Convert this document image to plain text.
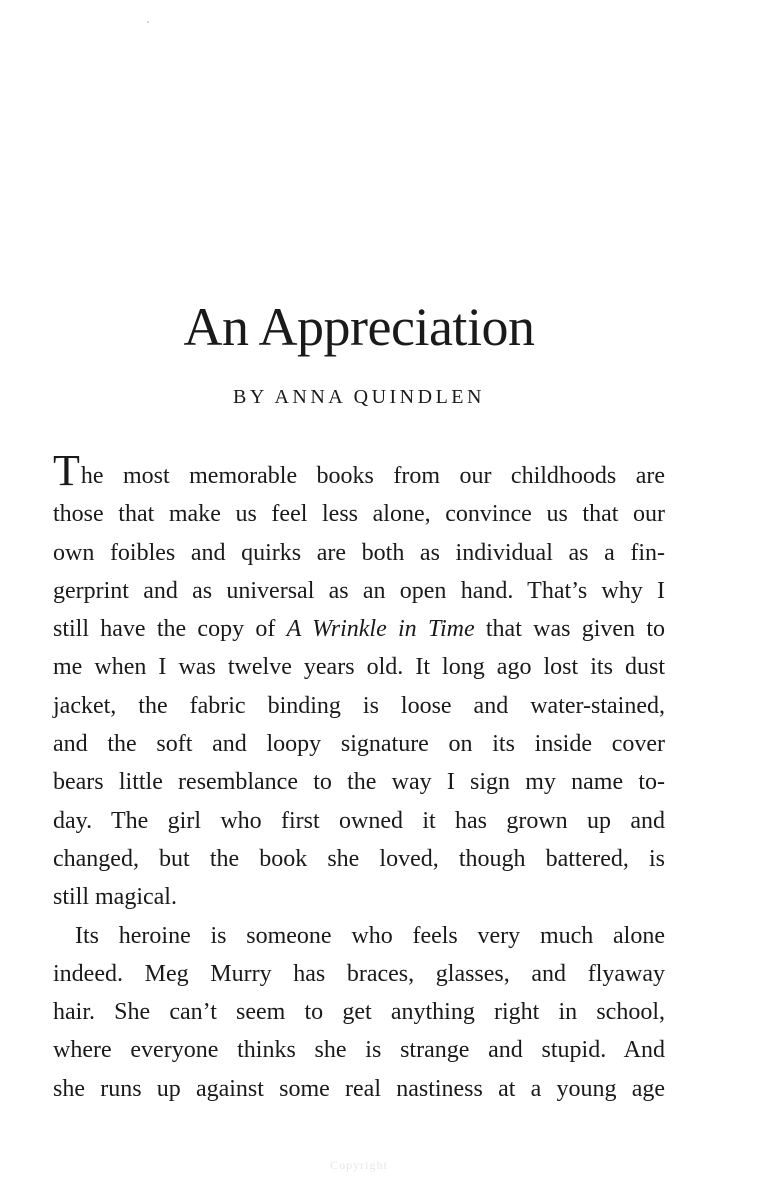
An Appreciation
BY ANNA QUINDLEN
The most memorable books from our childhoods are
those that make us feel less alone, convince us that our
own foibles and quirks are both as individual as a fin-
gerprint and as universal as an open hand. That’s why I
still have the copy of A Wrinkle in Time that was given to
me when I was twelve years old. It long ago lost its dust
jacket, the fabric binding is loose and water-stained,
and the soft and loopy signature on its inside cover
bears little resemblance to the way I sign my name to-
day. The girl who first owned it has grown up and
changed, but the book she loved, though battered, is
still magical.
Its heroine is someone who feels very much alone
indeed. Meg Murry has braces, glasses, and flyaway
hair. She can’t seem to get anything right in school,
where everyone thinks she is strange and stupid. And
she runs up against some real nastiness at a young age
Copyright
